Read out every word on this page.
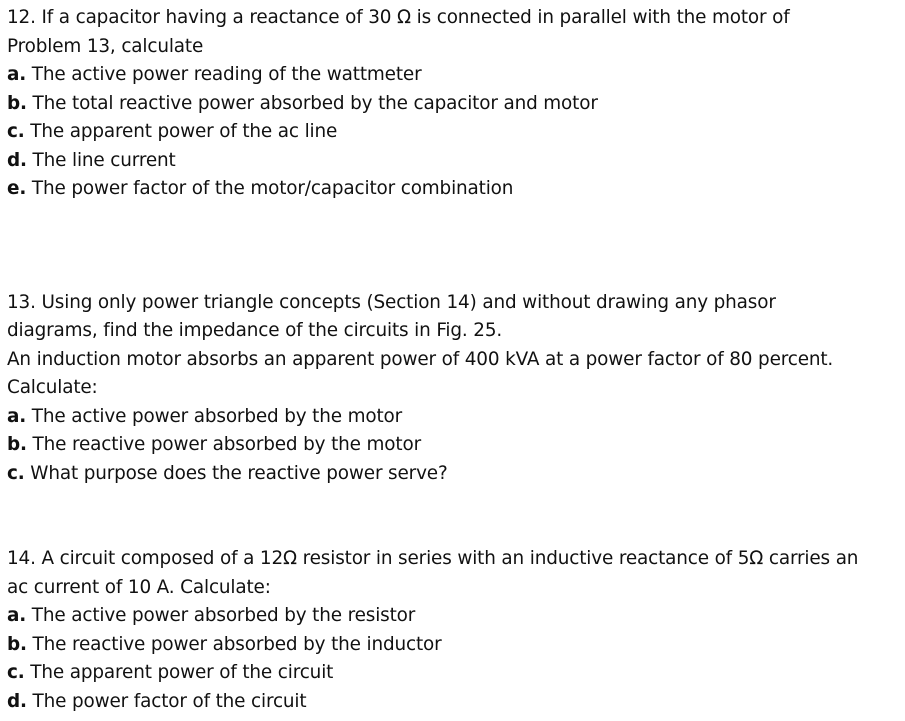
12. If a capacitor having a reactance of 30 Ω is connected in parallel with the motor of
Problem 13, calculate
a. The active power reading of the wattmeter
b. The total reactive power absorbed by the capacitor and motor
c. The apparent power of the ac line
d. The line current
e. The power factor of the motor/capacitor combination
13. Using only power triangle concepts (Section 14) and without drawing any phasor
diagrams, find the impedance of the circuits in Fig. 25.
An induction motor absorbs an apparent power of 400 kVA at a power factor of 80 percent.
Calculate:
a. The active power absorbed by the motor
b. The reactive power absorbed by the motor
c. What purpose does the reactive power serve?
14. A circuit composed of a 12Ω resistor in series with an inductive reactance of 5Ω carries an
ac current of 10 A. Calculate:
a. The active power absorbed by the resistor
b. The reactive power absorbed by the inductor
c. The apparent power of the circuit
d. The power factor of the circuit
